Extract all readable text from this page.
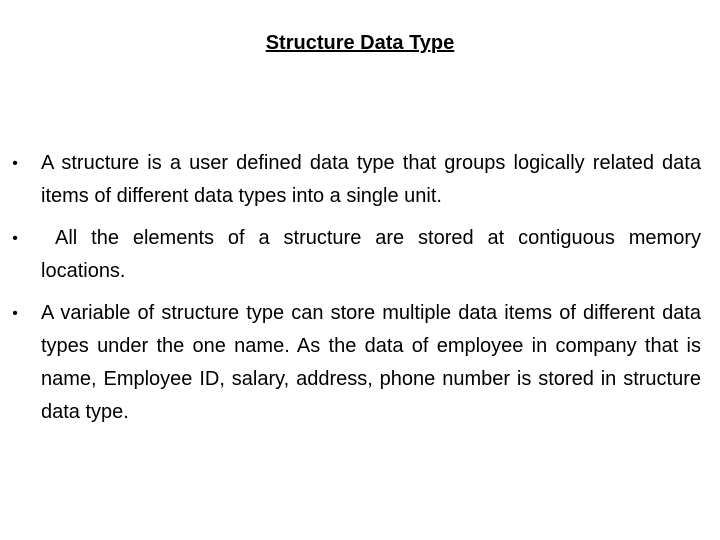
Structure Data Type
• A structure is a user defined data type that groups logically related data items of different data types into a single unit.
•	All the elements of a structure are stored at contiguous memory locations.
• A variable of structure type can store multiple data items of different data types under the one name. As the data of employee in company that is name, Employee ID, salary, address, phone number is stored in structure data type.
